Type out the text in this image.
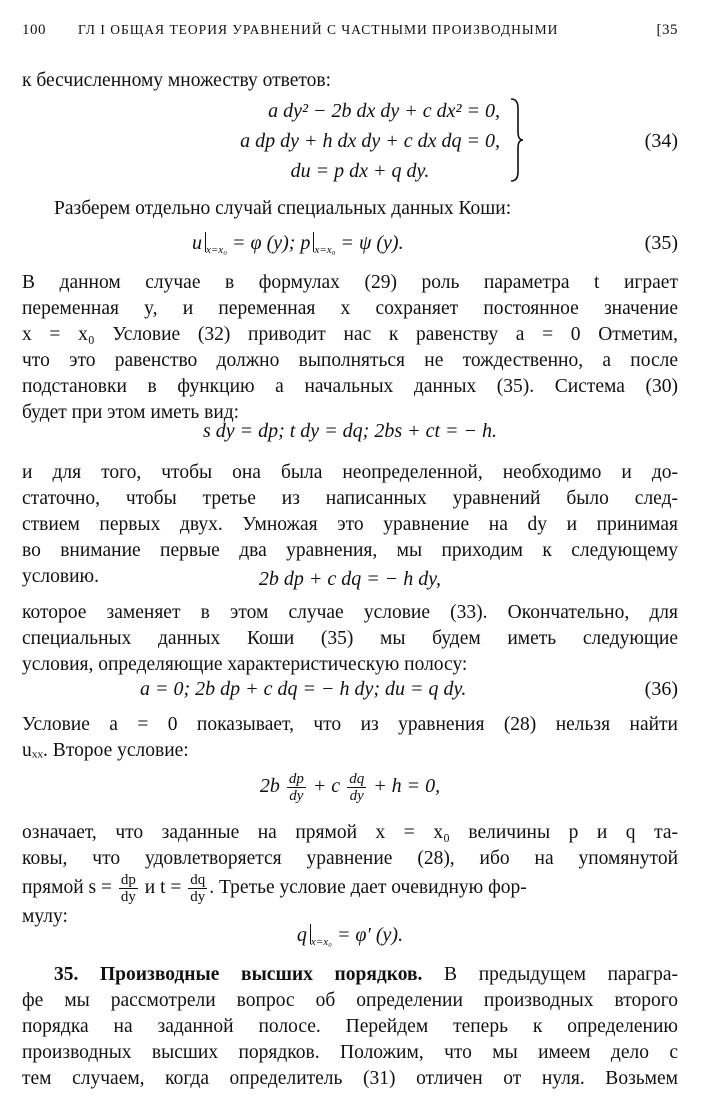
100 ГЛ I ОБЩАЯ ТЕОРИЯ УРАВНЕНИЙ С ЧАСТНЫМИ ПРОИЗВОДНЫМИ	[35
к бесчисленному множеству ответов:
a dy² − 2b dx dy + c dx² = 0,
a dp dy + h dx dy + c dx dq = 0,
du = p dx + q dy.
(34)
Разберем отдельно случай специальных данных Коши:
u $_{x=x_0}$ = φ (y); p $_{x=x_0}$ = ψ (y).	(35)
В данном случае в формулах (29) роль параметра t играет
переменная y, и переменная x сохраняет постоянное значение
x = x₀ Условие (32) приводит нас к равенству a = 0 Отметим,
что это равенство должно выполняться не тождественно, а после
подстановки в функцию a начальных данных (35). Система (30)
будет при этом иметь вид:
s dy = dp; t dy = dq; 2bs + ct = − h.
и для того, чтобы она была неопределенной, необходимо и до-
статочно, чтобы третье из написанных уравнений было след-
ствием первых двух. Умножая это уравнение на dy и принимая
во внимание первые два уравнения, мы приходим к следующему
условию.	2b dp + c dq = − h dy,
которое заменяет в этом случае условие (33). Окончательно, для
специальных данных Коши (35) мы будем иметь следующие
условия, определяющие характеристическую полосу:
a = 0; 2b dp + c dq = − h dy; du = q dy.	(36)
Условие a = 0 показывает, что из уравнения (28) нельзя найти
uₓₓ. Второе условие:
$2b \frac{dp}{dy} + c \frac{dq}{dy} + h = 0$,
означает, что заданные на прямой x = x₀ величины p и q та-
ковы, что удовлетворяется уравнение (28), ибо на упомянутой
прямой $s = \frac{dp}{dy}$ и $t = \frac{dq}{dy}$ . Третье условие дает очевидную фор-
мулу:
q $_{x=x_0}$ = φ′ (y).
35. Производные высших порядков. В предыдущем парагра-
фе мы рассмотрели вопрос об определении производных второго
порядка на заданной полосе. Перейдем теперь к определению
производных высших порядков. Положим, что мы имеем дело с
тем случаем, когда определитель (31) отличен от нуля. Возьмем
